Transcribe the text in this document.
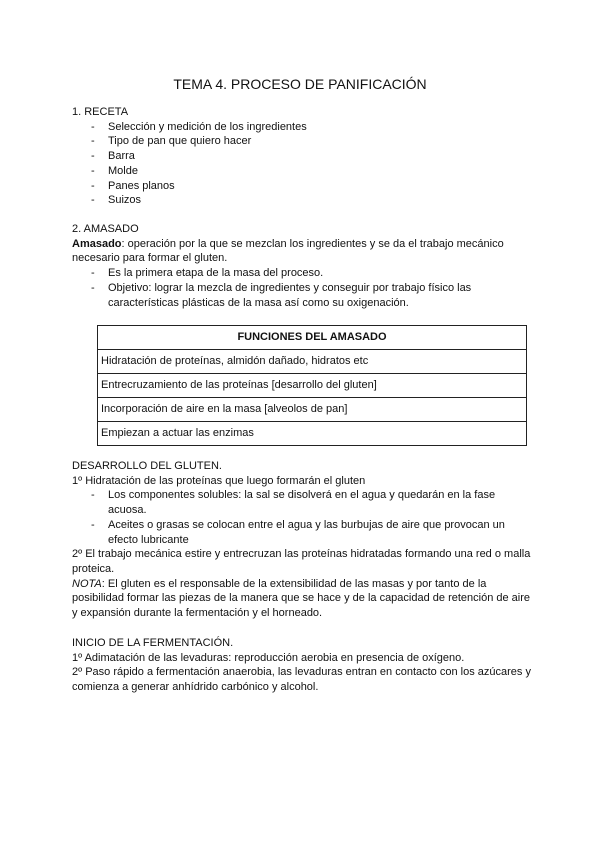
TEMA 4. PROCESO DE PANIFICACIÓN

1. RECETA

- Selección y medición de los ingredientes
- Tipo de pan que quiero hacer
- Barra
- Molde
- Panes planos
- Suizos

2. AMASADO

Amasado: operación por la que se mezclan los ingredientes y se da el trabajo mecánico necesario para formar el gluten.

- Es la primera etapa de la masa del proceso.
- Objetivo: lograr la mezcla de ingredientes y conseguir por trabajo físico las características plásticas de la masa así como su oxigenación.
FUNCIONES DEL AMASADO
Hidratación de proteínas, almidón dañado, hidratos etc
Entrecruzamiento de las proteínas [desarrollo del gluten]
Incorporación de aire en la masa [alveolos de pan]
Empiezan a actuar las enzimas

DESARROLLO DEL GLUTEN.

1º Hidratación de las proteínas que luego formarán el gluten

- Los componentes solubles: la sal se disolverá en el agua y quedarán en la fase acuosa.
- Aceites o grasas se colocan entre el agua y las burbujas de aire que provocan un efecto lubricante

2º El trabajo mecánica estire y entrecruzan las proteínas hidratadas formando una red o malla proteica.

NOTA: El gluten es el responsable de la extensibilidad de las masas y por tanto de la posibilidad formar las piezas de la manera que se hace y de la capacidad de retención de aire y expansión durante la fermentación y el horneado.

INICIO DE LA FERMENTACIÓN.

1º Adimatación de las levaduras: reproducción aerobia en presencia de oxígeno.

2º Paso rápido a fermentación anaerobia, las levaduras entran en contacto con los azúcares y comienza a generar anhídrido carbónico y alcohol.
